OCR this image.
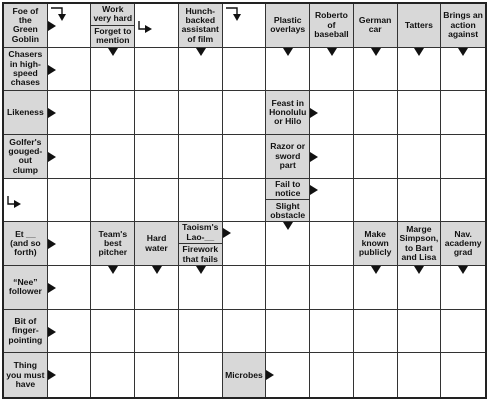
Foe of the Green Goblin
Work very hard
Forget to mention
Hunch-backed assistant of film
Plastic overlays
Roberto of baseball
German car	Tatters
Brings an action against
Chasers in high-speed chases
Likeness
Feast in Honolulu or Hilo
Golfer's gouged-out clump
Razor or sword part
Fail to notice
Slight obstacle
Et __ (and so forth)
Team's best pitcher
Hard water
Taoism's Lao-__
Firework that fails
Make known publicly
Marge Simpson, to Bart and Lisa
Nav. academy grad
“Nee” follower
Bit of finger-pointing
Thing you must have
Microbes
